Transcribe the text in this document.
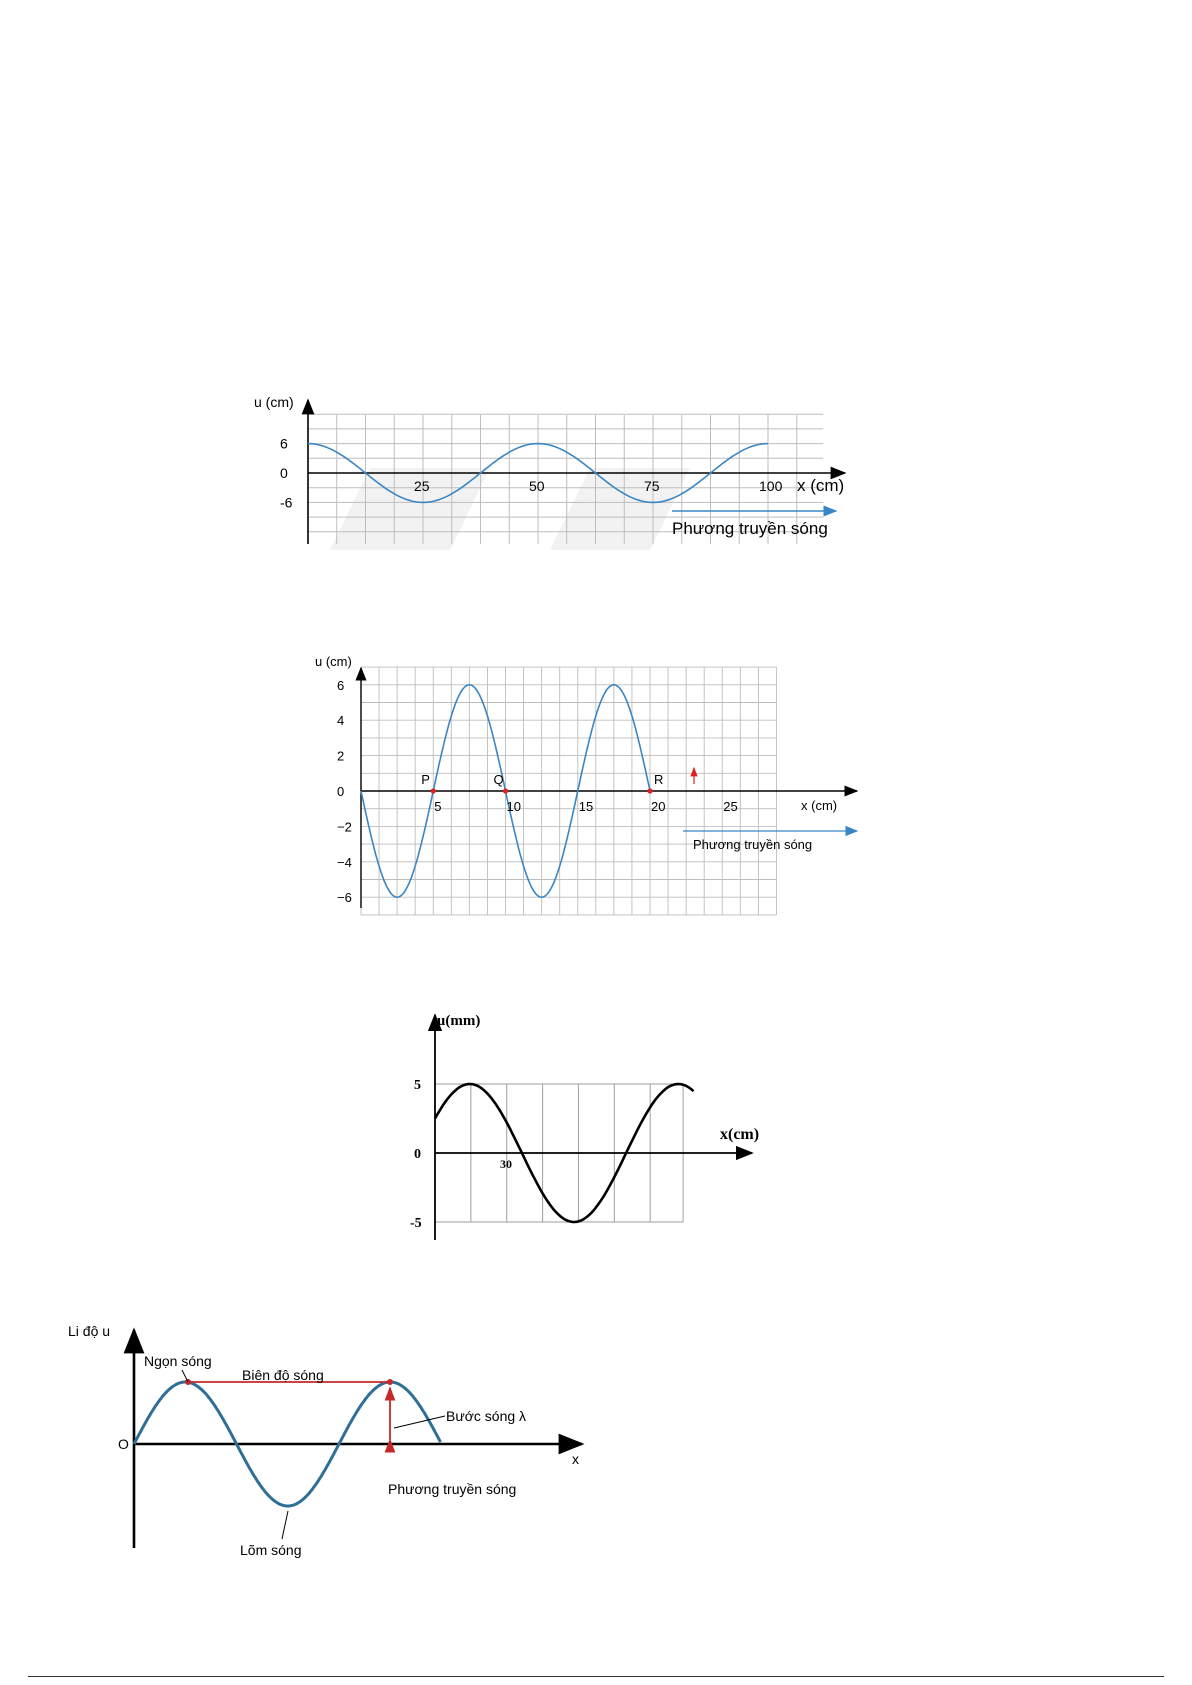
25	50	75	100
6
0
-6
u (cm)
x (cm)
Phương truyền sóng
5	10	15	20	25
6
4
2
0
−2
−4
−6
P	Q	R
u (cm)
x (cm)
Phương truyền sóng
30
5
0
-5
u(mm)
x(cm)
Li độ u
O
x
Ngọn sóng
Biên độ sóng
Bước sóng λ
Phương truyền sóng
Lõm sóng
